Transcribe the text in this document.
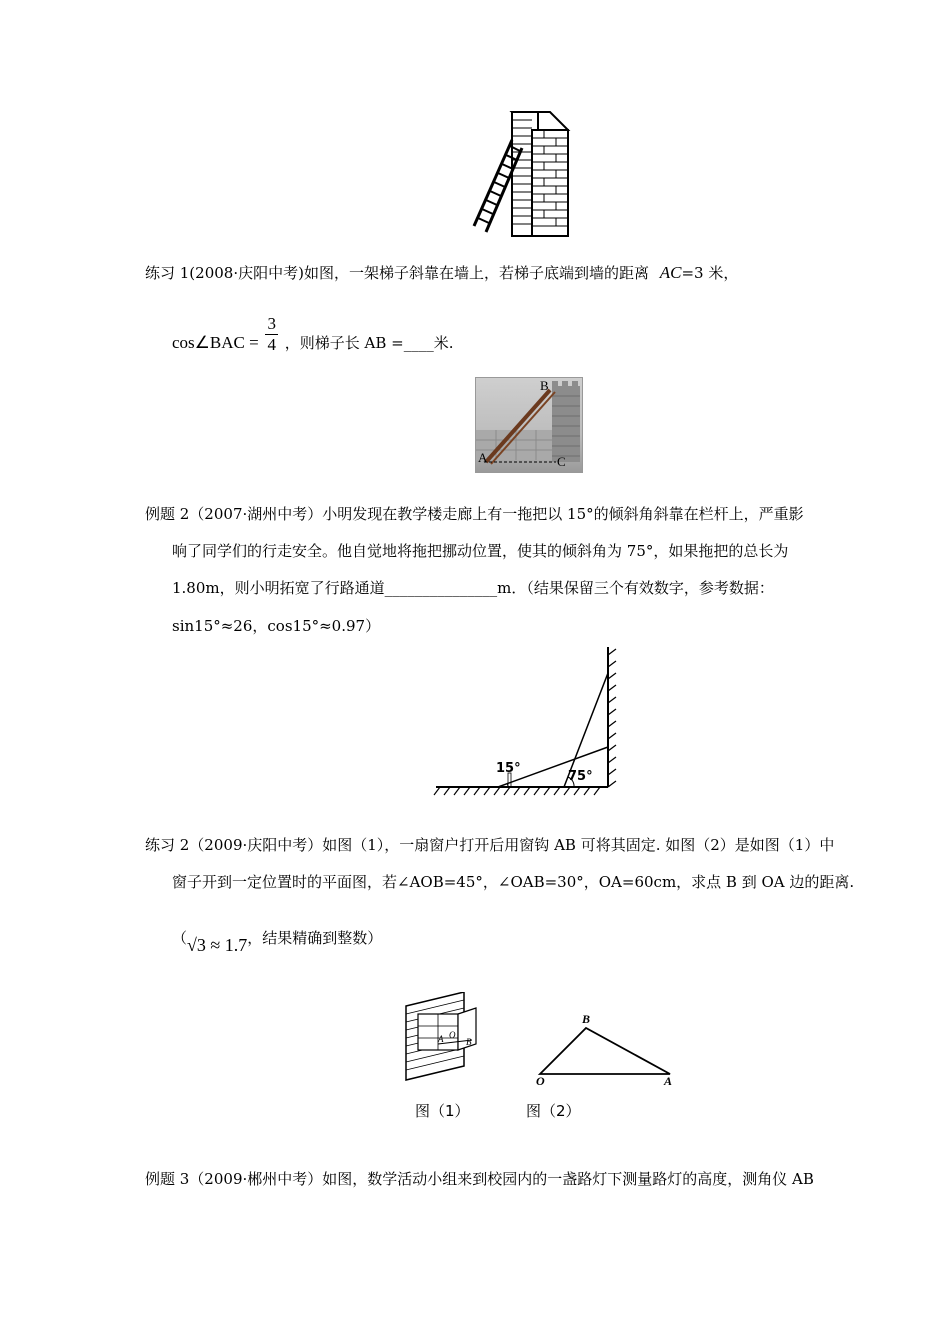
练习 1(2008·庆阳中考)如图，一架梯子斜靠在墙上，若梯子底端到墙的距离 AC=3 米，
cos∠BAC = $\frac{3}{4}$ ，则梯子长 AB =____米.
B
A	C
例题 2（2007·湖州中考）小明发现在教学楼走廊上有一拖把以 15°的倾斜角斜靠在栏杆上，严重影
响了同学们的行走安全。他自觉地将拖把挪动位置，使其的倾斜角为 75°，如果拖把的总长为
1.80m，则小明拓宽了行路通道_______________m．（结果保留三个有效数字，参考数据：
sin15°≈26，cos15°≈0.97）
15°
75°
练习 2（2009·庆阳中考）如图（1），一扇窗户打开后用窗钩 AB 可将其固定. 如图（2）是如图（1）中
窗子开到一定位置时的平面图，若∠AOB=45°，∠OAB=30°，OA=60cm，求点 B 到 OA 边的距离.
（√3 ≈ 1.7，结果精确到整数）
A O
B
B
O	A
图（1）	图（2）
例题 3（2009·郴州中考）如图，数学活动小组来到校园内的一盏路灯下测量路灯的高度，测角仪 AB
